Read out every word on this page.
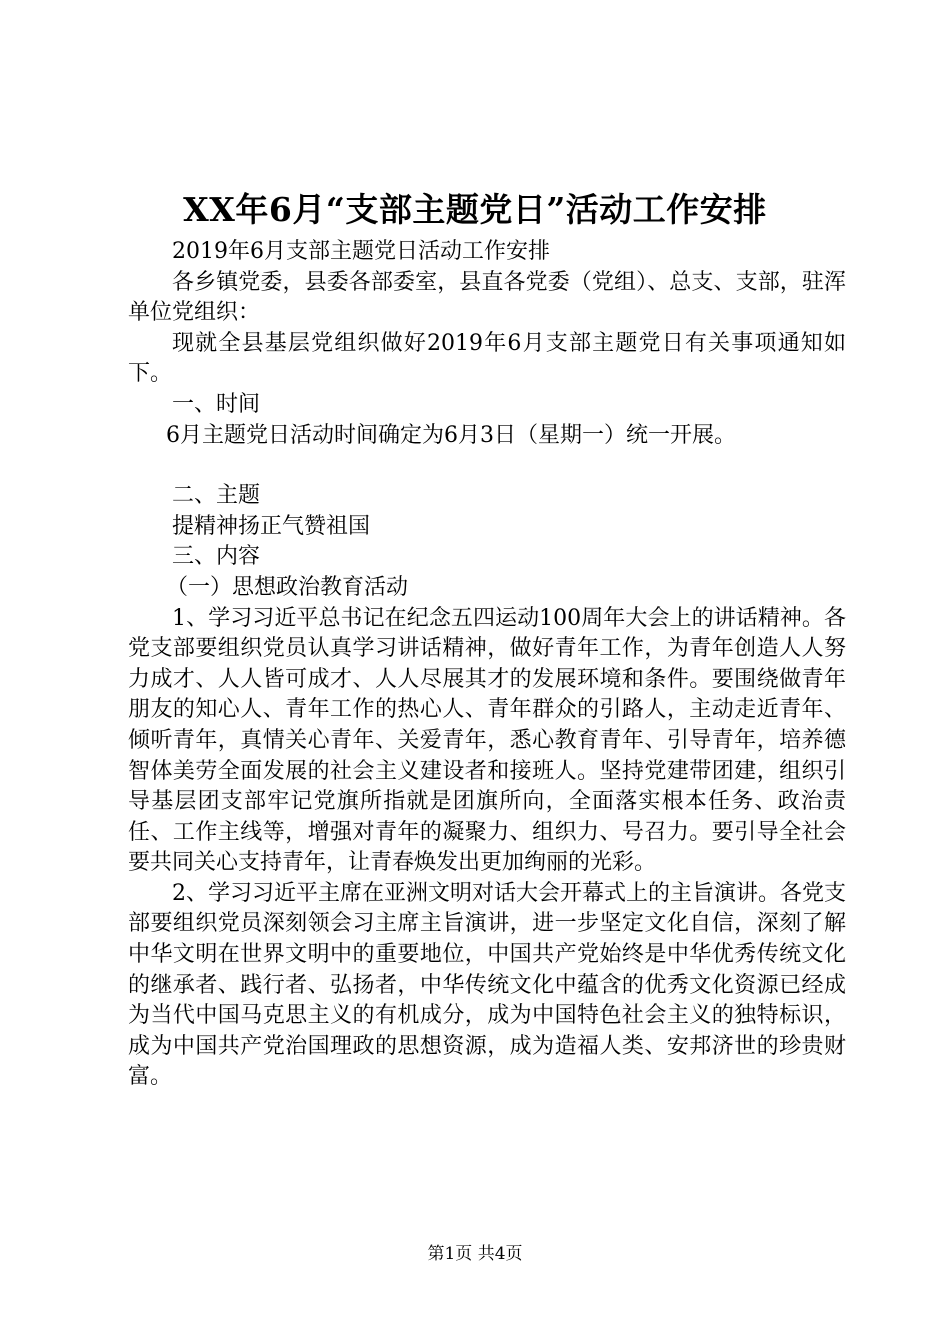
XX年6月“支部主题党日”活动工作安排

2019年6月支部主题党日活动工作安排

各乡镇党委，县委各部委室，县直各党委（党组）、总支、支部，驻浑单位党组织：

现就全县基层党组织做好2019年6月支部主题党日有关事项通知如下。

一、时间

6月主题党日活动时间确定为6月3日（星期一）统一开展。

二、主题

提精神扬正气赞祖国

三、内容

（一）思想政治教育活动

1、学习习近平总书记在纪念五四运动100周年大会上的讲话精神。各党支部要组织党员认真学习讲话精神，做好青年工作，为青年创造人人努力成才、人人皆可成才、人人尽展其才的发展环境和条件。要围绕做青年朋友的知心人、青年工作的热心人、青年群众的引路人，主动走近青年、倾听青年，真情关心青年、关爱青年，悉心教育青年、引导青年，培养德智体美劳全面发展的社会主义建设者和接班人。坚持党建带团建，组织引导基层团支部牢记党旗所指就是团旗所向，全面落实根本任务、政治责任、工作主线等，增强对青年的凝聚力、组织力、号召力。要引导全社会要共同关心支持青年，让青春焕发出更加绚丽的光彩。

2、学习习近平主席在亚洲文明对话大会开幕式上的主旨演讲。各党支部要组织党员深刻领会习主席主旨演讲，进一步坚定文化自信，深刻了解中华文明在世界文明中的重要地位，中国共产党始终是中华优秀传统文化的继承者、践行者、弘扬者，中华传统文化中蕴含的优秀文化资源已经成为当代中国马克思主义的有机成分，成为中国特色社会主义的独特标识，成为中国共产党治国理政的思想资源，成为造福人类、安邦济世的珍贵财富。

第1页 共4页
